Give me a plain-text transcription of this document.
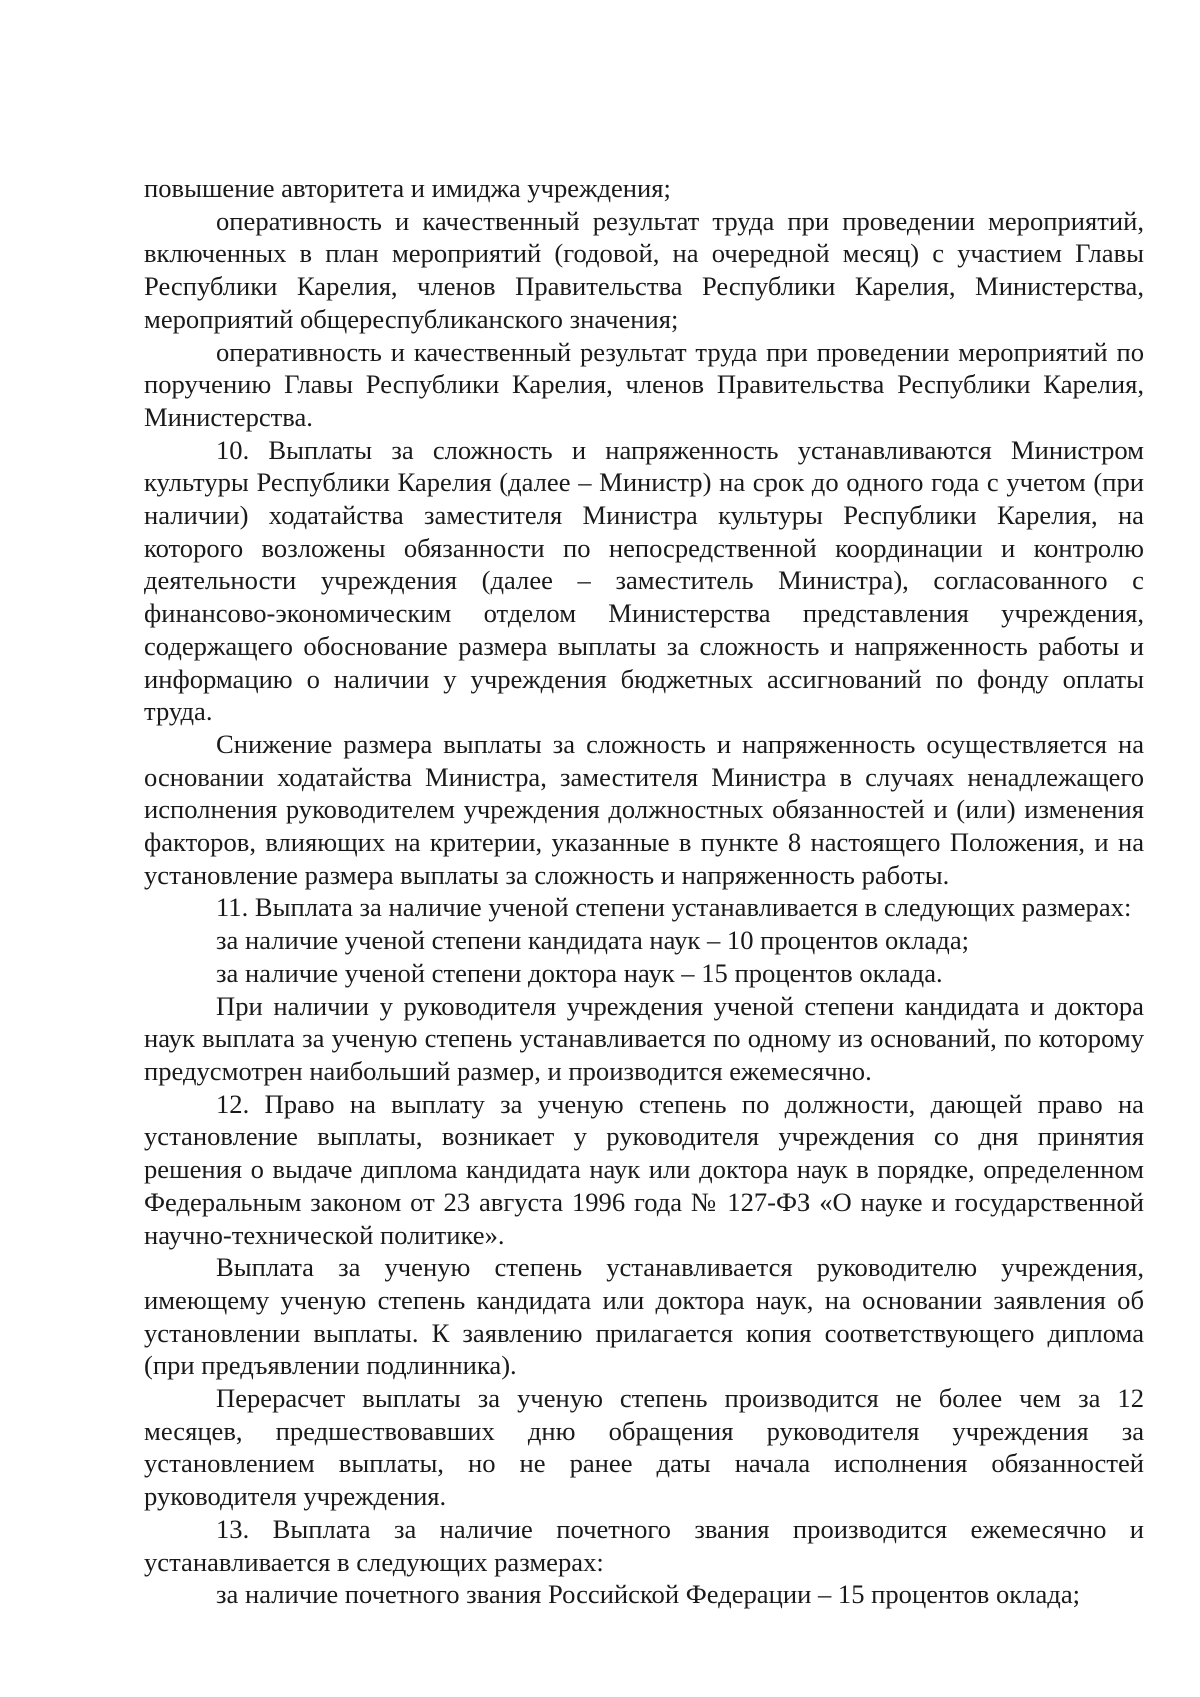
повышение авторитета и имиджа учреждения;

оперативность и качественный результат труда при проведении мероприятий, включенных в план мероприятий (годовой, на очередной месяц) с участием Главы Республики Карелия, членов Правительства Республики Карелия, Министерства, мероприятий общереспубликанского значения;

оперативность и качественный результат труда при проведении мероприятий по поручению Главы Республики Карелия, членов Правительства Республики Карелия, Министерства.

10. Выплаты за сложность и напряженность устанавливаются Министром культуры Республики Карелия (далее – Министр) на срок до одного года с учетом (при наличии) ходатайства заместителя Министра культуры Республики Карелия, на которого возложены обязанности по непосредственной координации и контролю деятельности учреждения (далее – заместитель Министра), согласованного с финансово-экономическим отделом Министерства представления учреждения, содержащего обоснование размера выплаты за сложность и напряженность работы и информацию о наличии у учреждения бюджетных ассигнований по фонду оплаты труда.

Снижение размера выплаты за сложность и напряженность осуществляется на основании ходатайства Министра, заместителя Министра в случаях ненадлежащего исполнения руководителем учреждения должностных обязанностей и (или) изменения факторов, влияющих на критерии, указанные в пункте 8 настоящего Положения, и на установление размера выплаты за сложность и напряженность работы.

11. Выплата за наличие ученой степени устанавливается в следующих размерах:

за наличие ученой степени кандидата наук – 10 процентов оклада;

за наличие ученой степени доктора наук – 15 процентов оклада.

При наличии у руководителя учреждения ученой степени кандидата и доктора наук выплата за ученую степень устанавливается по одному из оснований, по которому предусмотрен наибольший размер, и производится ежемесячно.

12. Право на выплату за ученую степень по должности, дающей право на установление выплаты, возникает у руководителя учреждения со дня принятия решения о выдаче диплома кандидата наук или доктора наук в порядке, определенном Федеральным законом от 23 августа 1996 года № 127-ФЗ «О науке и государственной научно-технической политике».

Выплата за ученую степень устанавливается руководителю учреждения, имеющему ученую степень кандидата или доктора наук, на основании заявления об установлении выплаты. К заявлению прилагается копия соответствующего диплома (при предъявлении подлинника).

Перерасчет выплаты за ученую степень производится не более чем за 12 месяцев, предшествовавших дню обращения руководителя учреждения за установлением выплаты, но не ранее даты начала исполнения обязанностей руководителя учреждения.

13. Выплата за наличие почетного звания производится ежемесячно и устанавливается в следующих размерах:

за наличие почетного звания Российской Федерации – 15 процентов оклада;
